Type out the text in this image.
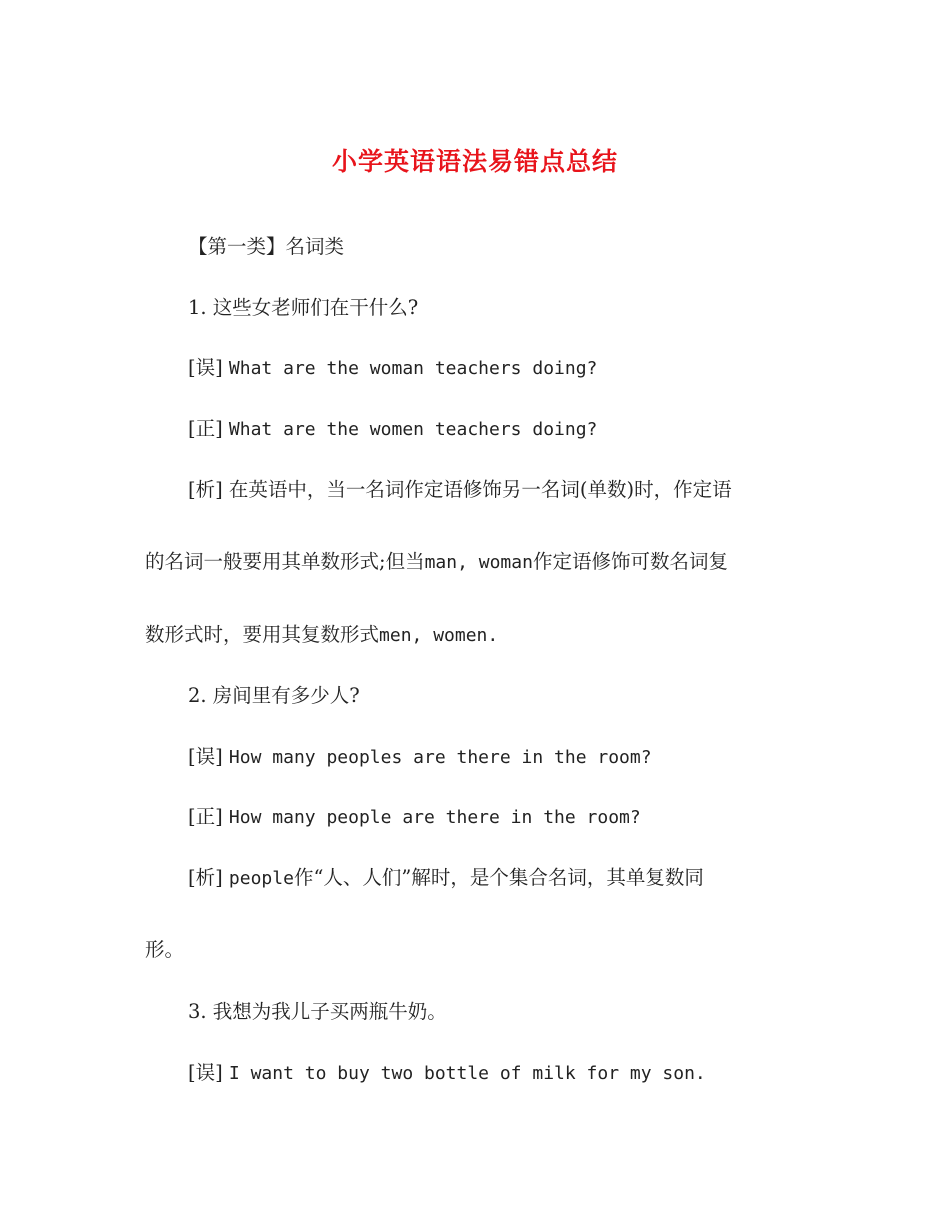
小学英语语法易错点总结
【第一类】名词类
1. 这些女老师们在干什么?
[误] What are the woman teachers doing?
[正] What are the women teachers doing?
[析] 在英语中，当一名词作定语修饰另一名词(单数)时，作定语
的名词一般要用其单数形式;但当man, woman作定语修饰可数名词复
数形式时，要用其复数形式men, women.
2. 房间里有多少人?
[误] How many peoples are there in the room?
[正] How many people are there in the room?
[析] people作“人、人们”解时，是个集合名词，其单复数同
形。
3. 我想为我儿子买两瓶牛奶。
[误] I want to buy two bottle of milk for my son.
